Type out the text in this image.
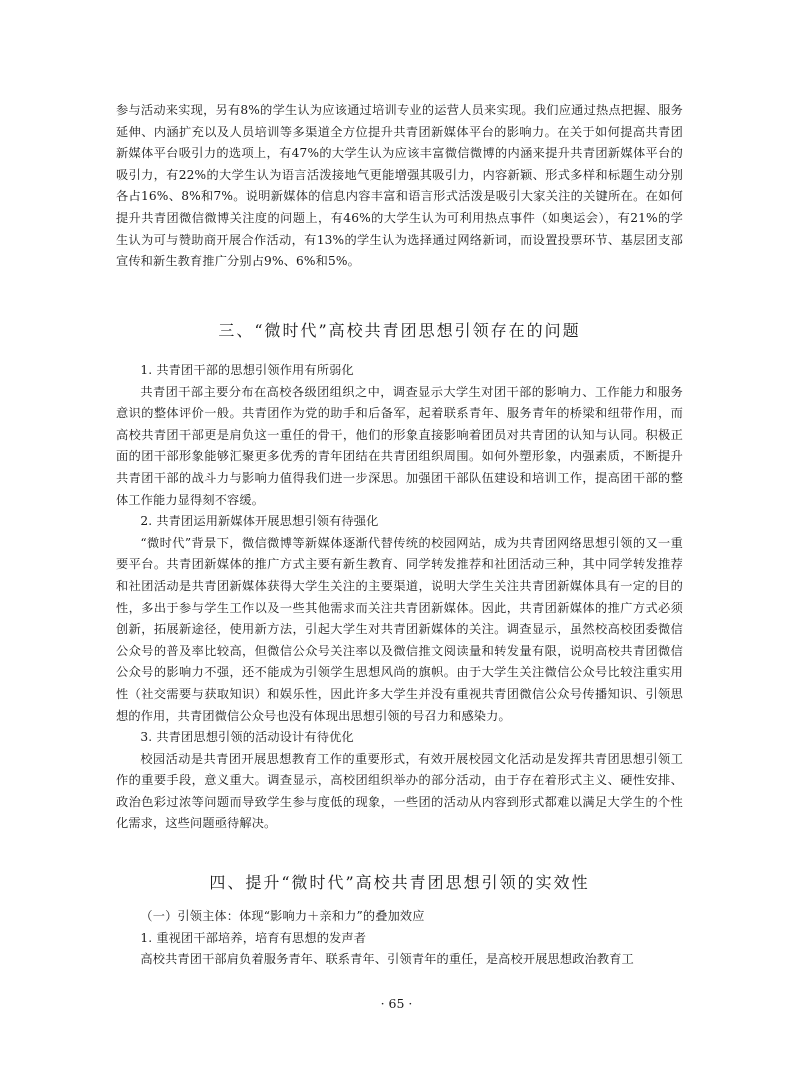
参与活动来实现，另有8%的学生认为应该通过培训专业的运营人员来实现。我们应通过热点把握、服务延伸、内涵扩充以及人员培训等多渠道全方位提升共青团新媒体平台的影响力。在关于如何提高共青团新媒体平台吸引力的选项上，有47%的大学生认为应该丰富微信微博的内涵来提升共青团新媒体平台的吸引力，有22%的大学生认为语言活泼接地气更能增强其吸引力，内容新颖、形式多样和标题生动分别各占16%、8%和7%。说明新媒体的信息内容丰富和语言形式活泼是吸引大家关注的关键所在。在如何提升共青团微信微博关注度的问题上，有46%的大学生认为可利用热点事件（如奥运会），有21%的学生认为可与赞助商开展合作活动，有13%的学生认为选择通过网络新词，而设置投票环节、基层团支部宣传和新生教育推广分别占9%、6%和5%。

三、“微时代”高校共青团思想引领存在的问题

1. 共青团干部的思想引领作用有所弱化

共青团干部主要分布在高校各级团组织之中，调查显示大学生对团干部的影响力、工作能力和服务意识的整体评价一般。共青团作为党的助手和后备军，起着联系青年、服务青年的桥梁和纽带作用，而高校共青团干部更是肩负这一重任的骨干，他们的形象直接影响着团员对共青团的认知与认同。积极正面的团干部形象能够汇聚更多优秀的青年团结在共青团组织周围。如何外塑形象，内强素质，不断提升共青团干部的战斗力与影响力值得我们进一步深思。加强团干部队伍建设和培训工作，提高团干部的整体工作能力显得刻不容缓。

2. 共青团运用新媒体开展思想引领有待强化

“微时代”背景下，微信微博等新媒体逐渐代替传统的校园网站，成为共青团网络思想引领的又一重要平台。共青团新媒体的推广方式主要有新生教育、同学转发推荐和社团活动三种，其中同学转发推荐和社团活动是共青团新媒体获得大学生关注的主要渠道，说明大学生关注共青团新媒体具有一定的目的性，多出于参与学生工作以及一些其他需求而关注共青团新媒体。因此，共青团新媒体的推广方式必须创新，拓展新途径，使用新方法，引起大学生对共青团新媒体的关注。调查显示，虽然校高校团委微信公众号的普及率比较高，但微信公众号关注率以及微信推文阅读量和转发量有限，说明高校共青团微信公众号的影响力不强，还不能成为引领学生思想风尚的旗帜。由于大学生关注微信公众号比较注重实用性（社交需要与获取知识）和娱乐性，因此许多大学生并没有重视共青团微信公众号传播知识、引领思想的作用，共青团微信公众号也没有体现出思想引领的号召力和感染力。

3. 共青团思想引领的活动设计有待优化

校园活动是共青团开展思想教育工作的重要形式，有效开展校园文化活动是发挥共青团思想引领工作的重要手段，意义重大。调查显示，高校团组织举办的部分活动，由于存在着形式主义、硬性安排、政治色彩过浓等问题而导致学生参与度低的现象，一些团的活动从内容到形式都难以满足大学生的个性化需求，这些问题亟待解决。

四、提升“微时代”高校共青团思想引领的实效性

（一）引领主体：体现“影响力＋亲和力”的叠加效应

1. 重视团干部培养，培育有思想的发声者

高校共青团干部肩负着服务青年、联系青年、引领青年的重任，是高校开展思想政治教育工

· 65 ·
